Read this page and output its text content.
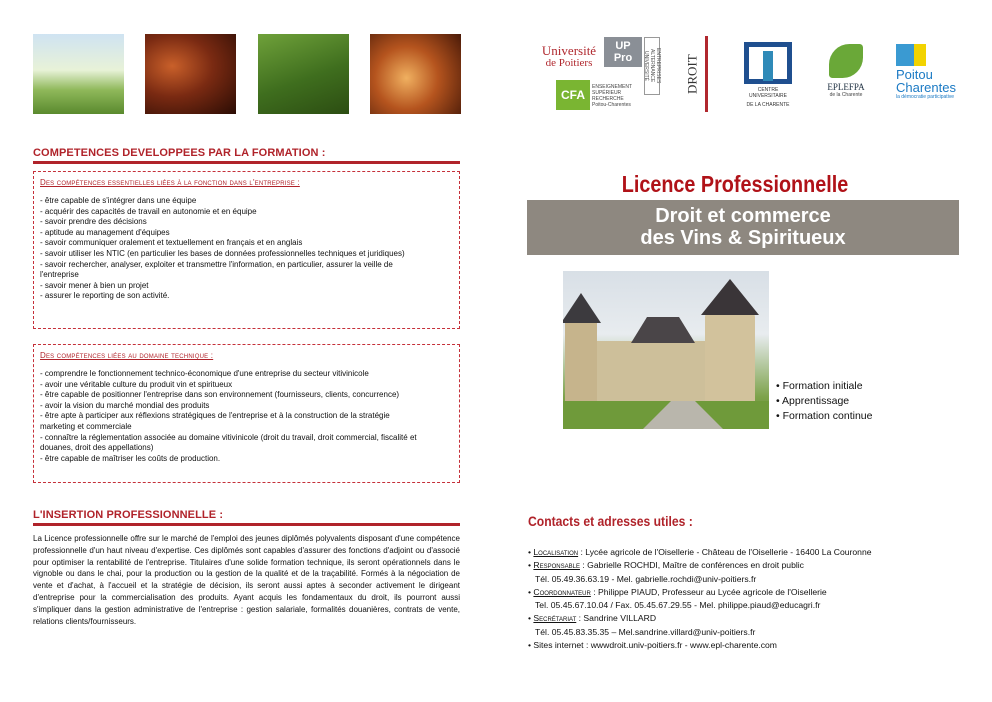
Université
de Poitiers
UP
Pro	ENTREPRISES ALTERNANCE UNIVERSITÉ
CFA
ENSEIGNEMENT
SUPÉRIEUR
RECHERCHE
Poitou-Charentes
DROIT	CENTRE UNIVERSITAIRE
DE LA CHARENTE
EPLEFPA
de la Charente
Poitou
Charentes
la démocratie participative
COMPETENCES DEVELOPPEES PAR LA FORMATION :
Des compétences essentielles liées à la fonction dans l'entreprise :
- être capable de s'intégrer dans une équipe
- acquérir des capacités de travail en autonomie et en équipe
- savoir prendre des décisions
- aptitude au management d'équipes
- savoir communiquer oralement et textuellement en français et en anglais
- savoir utiliser les NTIC (en particulier les bases de données professionnelles techniques et juridiques)
- savoir rechercher, analyser, exploiter et transmettre l'information, en particulier, assurer la veille de
l'entreprise
- savoir mener à bien un projet
- assurer le reporting de son activité.
Des compétences liées au domaine technique :
- comprendre le fonctionnement technico-économique d'une entreprise du secteur vitivinicole
- avoir une véritable culture du produit vin et spiritueux
- être capable de positionner l'entreprise dans son environnement (fournisseurs, clients, concurrence)
- avoir la vision du marché mondial des produits
- être apte à participer aux réflexions stratégiques de l'entreprise et à la construction de la stratégie
marketing et commerciale
- connaître la réglementation associée au domaine vitivinicole (droit du travail, droit commercial, fiscalité et
douanes, droit des appellations)
- être capable de maîtriser les coûts de production.
L'INSERTION PROFESSIONNELLE :
La Licence professionnelle offre sur le marché de l'emploi des jeunes diplômés polyvalents disposant d'une compétence professionnelle d'un haut niveau d'expertise. Ces diplômés sont capables d'assurer des fonctions d'adjoint ou d'associé pour optimiser la rentabilité de l'entreprise. Titulaires d'une solide formation technique, ils seront opérationnels dans le vignoble ou dans le chai, pour la production ou la gestion de la qualité et de la traçabilité. Formés à la négociation de vente et d'achat, à l'accueil et la stratégie de décision, ils seront aussi aptes à seconder activement le dirigeant d'entreprise pour la commercialisation des produits. Ayant acquis les fondamentaux du droit, ils pourront aussi s'impliquer dans la gestion administrative de l'entreprise : gestion salariale, formalités douanières, contrats de vente, relations clients/fournisseurs.
Licence Professionnelle
Droit et commerce
des Vins & Spiritueux
• Formation initiale
• Apprentissage
• Formation continue
Contacts et adresses utiles :
• Localisation : Lycée agricole de l'Oisellerie - Château de l'Oisellerie - 16400 La Couronne
• Responsable : Gabrielle ROCHDI, Maître de conférences en droit public
Tél. 05.49.36.63.19 - Mel. gabrielle.rochdi@univ-poitiers.fr
• Coordonnateur : Philippe PIAUD, Professeur au Lycée agricole de l'Oisellerie
Tel. 05.45.67.10.04 / Fax. 05.45.67.29.55 - Mel. philippe.piaud@educagri.fr
• Secrétariat : Sandrine VILLARD
Tél. 05.45.83.35.35 – Mel.sandrine.villard@univ-poitiers.fr
• Sites internet : wwwdroit.univ-poitiers.fr - www.epl-charente.com
